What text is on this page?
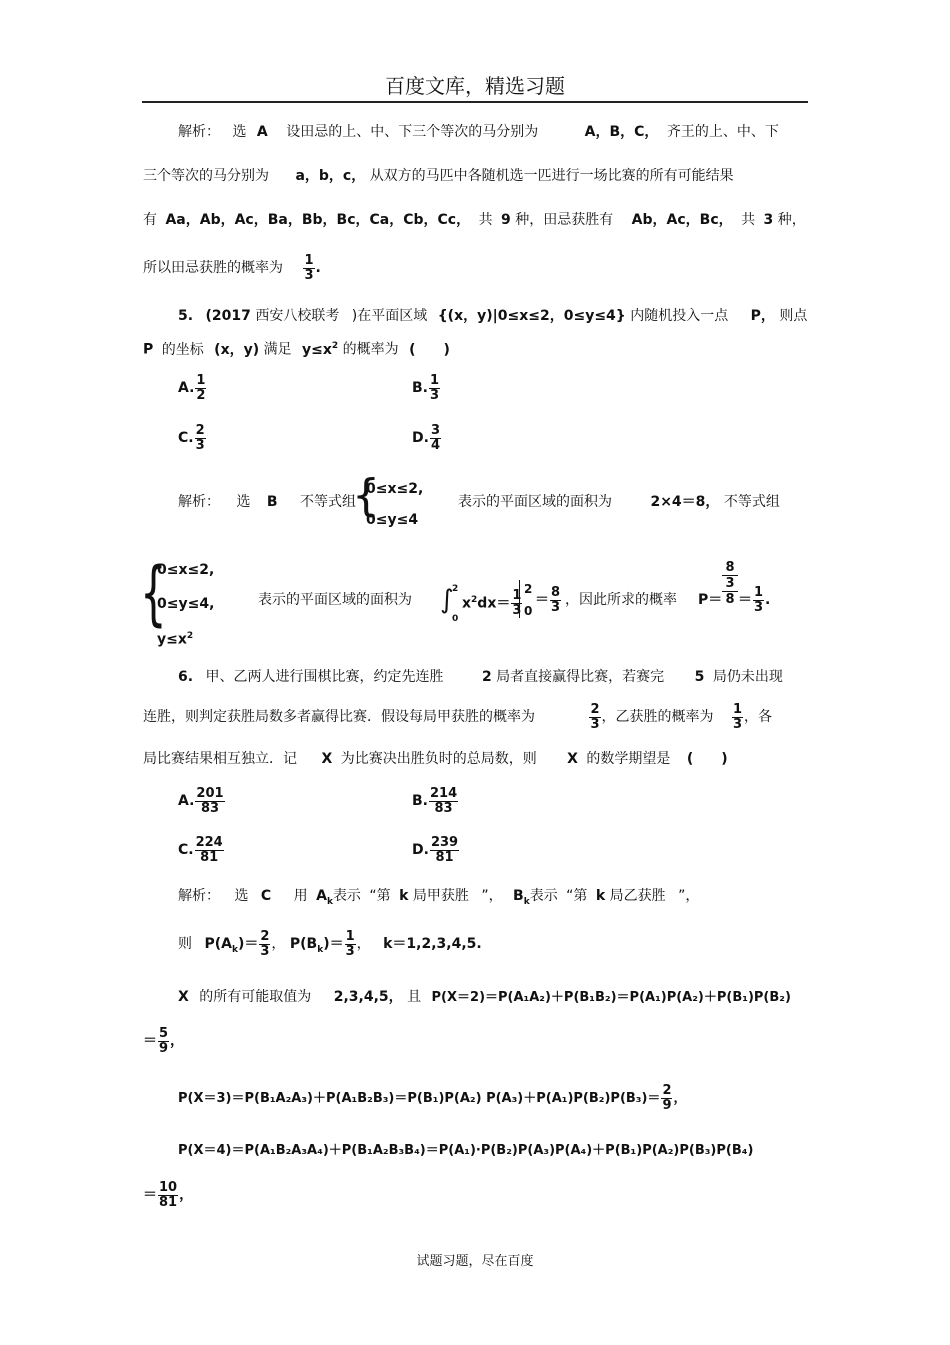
百度文库，精选习题
解析： 选 A 设田忌的上、中、下三个等次的马分别为	A，B，C， 齐王的上、中、下
三个等次的马分别为 a，b，c， 从双方的马匹中各随机选一匹进行一场比赛的所有可能结果
有 Aa，Ab，Ac，Ba，Bb，Bc，Ca，Cb，Cc， 共 9 种，田忌获胜有 Ab，Ac，Bc， 共 3 种，
所以田忌获胜的概率为 $\frac{1}{3}$ .
5. (2017 西安八校联考 )在平面区域 {(x，y)|0≤x≤2，0≤y≤4} 内随机投入一点 P， 则点
P 的坐标 (x，y) 满足 $y\le x^2$ 的概率为 (　　)
A. $\frac{1}{2}$	B. $\frac{1}{3}$
C. $\frac{2}{3}$	D. $\frac{3}{4}$
解析： 选 B 不等式组
{
0≤x≤2,
0≤y≤4
表示的平面区域的面积为	2×4＝8， 不等式组
{
0≤x≤2,
0≤y≤4,
$y\le x^2$
表示的平面区域的面积为 ∫
2
0
$x^2dx= \frac{1}{3}$
2
0
＝ $\frac{8}{3}$ ，因此所求的概率 P＝
8
3
$8 = \frac{1}{3}$ .
6. 甲、乙两人进行围棋比赛，约定先连胜	2 局者直接赢得比赛，若赛完 5 局仍未出现
连胜，则判定获胜局数多者赢得比赛．假设每局甲获胜的概率为	$\frac{2}{3}$ ，乙获胜的概率为 $\frac{1}{3}$ ，各
局比赛结果相互独立．记 X 为比赛决出胜负时的总局数，则 X 的数学期望是 (　　)
A. $\frac{201}{83}$	B. $\frac{214}{83}$
C. $\frac{224}{81}$	D. $\frac{239}{81}$
解析： 选 C 用 $A_k$表示 “第 k 局甲获胜 ”， $B_k$表示 “第 k 局乙获胜 ”，
则 $P(A_k)= \frac{2}{3}$ ， $P(B_k)= \frac{1}{3}$ ， k＝1,2,3,4,5.
X 的所有可能取值为 2,3,4,5， 且 P(X＝2)＝P(A₁A₂)＋P(B₁B₂)＝P(A₁)P(A₂)＋P(B₁)P(B₂)
＝ $\frac{5}{9}$ ，
P(X＝3)＝P(B₁A₂A₃)＋P(A₁B₂B₃)＝P(B₁)P(A₂) $P(A_3)+P(A_1)P(B_2)P(B_3)= \frac{2}{9}$ ，
P(X＝4)＝P(A₁B₂A₃A₄)＋P(B₁A₂B₃B₄)＝P(A₁)·P(B₂)P(A₃)P(A₄)＋P(B₁)P(A₂)P(B₃)P(B₄)
＝ $\frac{10}{81}$ ，
试题习题，尽在百度
